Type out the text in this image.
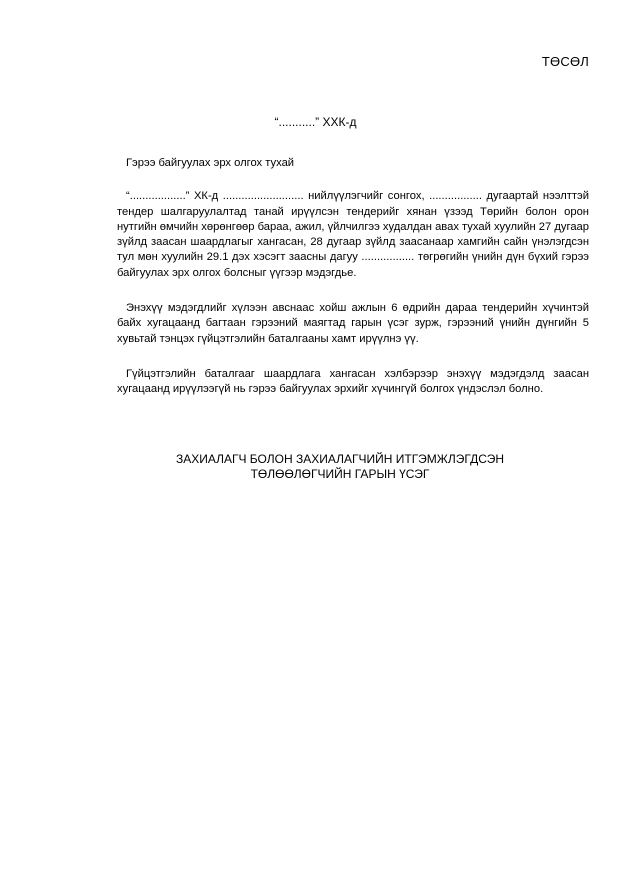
ТӨСӨЛ
“...........” ХХК-д

Гэрээ байгуулах эрх олгох тухай

“..................” ХК-д .......................... нийлүүлэгчийг сонгох, ................. дугаартай нээлттэй тендер шалгаруулалтад танай ирүүлсэн тендерийг хянан үзээд Төрийн болон орон нутгийн өмчийн хөрөнгөөр бараа, ажил, үйлчилгээ худалдан авах тухай хуулийн 27 дугаар зүйлд заасан шаардлагыг хангасан, 28 дугаар зүйлд заасанаар хамгийн сайн үнэлэгдсэн тул мөн хуулийн 29.1 дэх хэсэгт заасны дагуу ................. төгрөгийн үнийн дүн бүхий гэрээ байгуулах эрх олгох болсныг үүгээр мэдэгдье.

Энэхүү мэдэгдлийг хүлээн авснаас хойш ажлын 6 өдрийн дараа тендерийн хүчинтэй байх хугацаанд багтаан гэрээний маягтад гарын үсэг зурж, гэрээний үнийн дүнгийн 5 хувьтай тэнцэх гүйцэтгэлийн баталгааны хамт ирүүлнэ үү.

Гүйцэтгэлийн баталгааг шаардлага хангасан хэлбэрээр энэхүү мэдэгдэлд заасан хугацаанд ирүүлээгүй нь гэрээ байгуулах эрхийг хүчингүй болгох үндэслэл болно.

ЗАХИАЛАГЧ БОЛОН ЗАХИАЛАГЧИЙН ИТГЭМЖЛЭГДСЭН
ТӨЛӨӨЛӨГЧИЙН ГАРЫН ҮСЭГ
